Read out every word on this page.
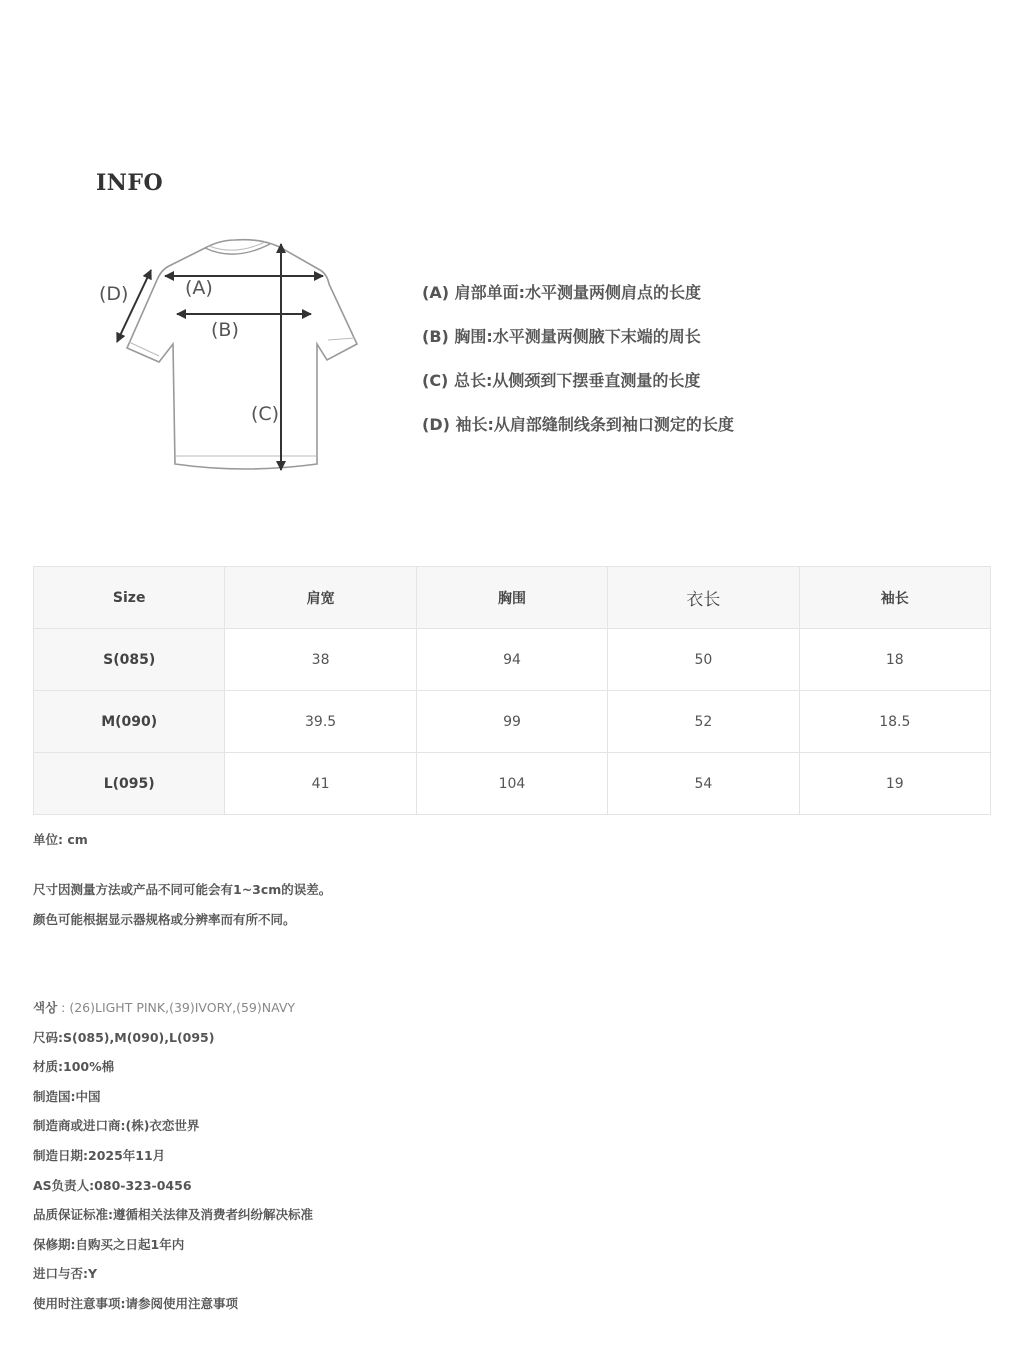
INFO
(A)
(B)
(C)
(D)	(A) 肩部单面:水平测量两侧肩点的长度
(B) 胸围:水平测量两侧腋下末端的周长
(C) 总长:从侧颈到下摆垂直测量的长度
(D) 袖长:从肩部缝制线条到袖口测定的长度
Size	肩宽	胸围	衣长	袖长
S(085)	38	94	50	18
M(090)	39.5	99	52	18.5
L(095)	41	104	54	19
单位: cm
尺寸因测量方法或产品不同可能会有1~3cm的误差。
颜色可能根据显示器规格或分辨率而有所不同。
색상 : (26)LIGHT PINK,(39)IVORY,(59)NAVY
尺码:S(085),M(090),L(095)
材质:100%棉
制造国:中国
制造商或进口商:(株)衣恋世界
制造日期:2025年11月
AS负责人:080-323-0456
品质保证标准:遵循相关法律及消费者纠纷解决标准
保修期:自购买之日起1年内
进口与否:Y
使用时注意事项:请参阅使用注意事项
